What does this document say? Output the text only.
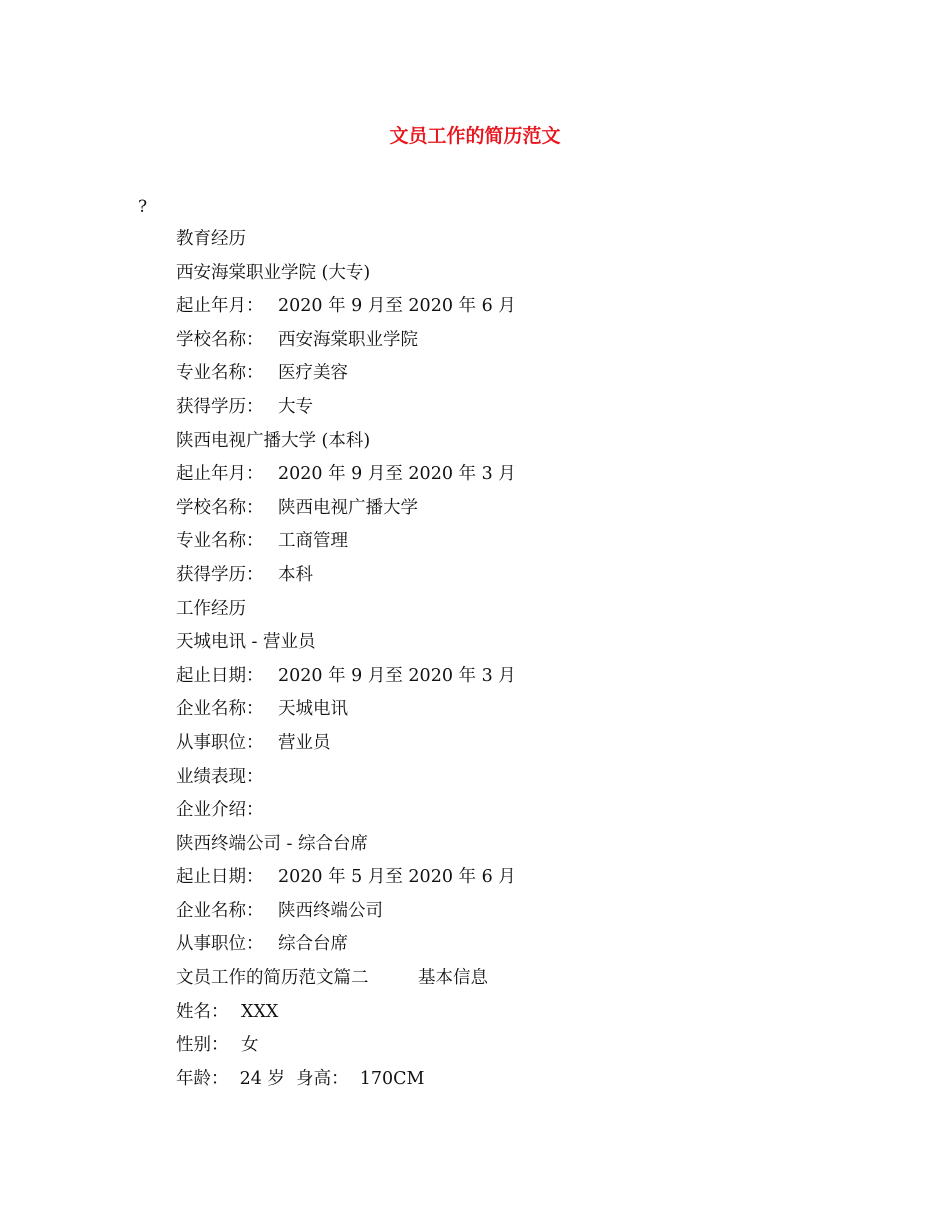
文员工作的简历范文
?
教育经历
西安海棠职业学院 (大专)
起止年月： 2020 年 9 月至 2020 年 6 月
学校名称： 西安海棠职业学院
专业名称： 医疗美容
获得学历： 大专
陕西电视广播大学 (本科)
起止年月： 2020 年 9 月至 2020 年 3 月
学校名称： 陕西电视广播大学
专业名称： 工商管理
获得学历： 本科
工作经历
天城电讯 - 营业员
起止日期： 2020 年 9 月至 2020 年 3 月
企业名称： 天城电讯
从事职位： 营业员
业绩表现：
企业介绍：
陕西终端公司 - 综合台席
起止日期： 2020 年 5 月至 2020 年 6 月
企业名称： 陕西终端公司
从事职位： 综合台席
文员工作的简历范文篇二	基本信息
姓名： XXX
性别： 女
年龄：  24 岁  身高：  170CM
